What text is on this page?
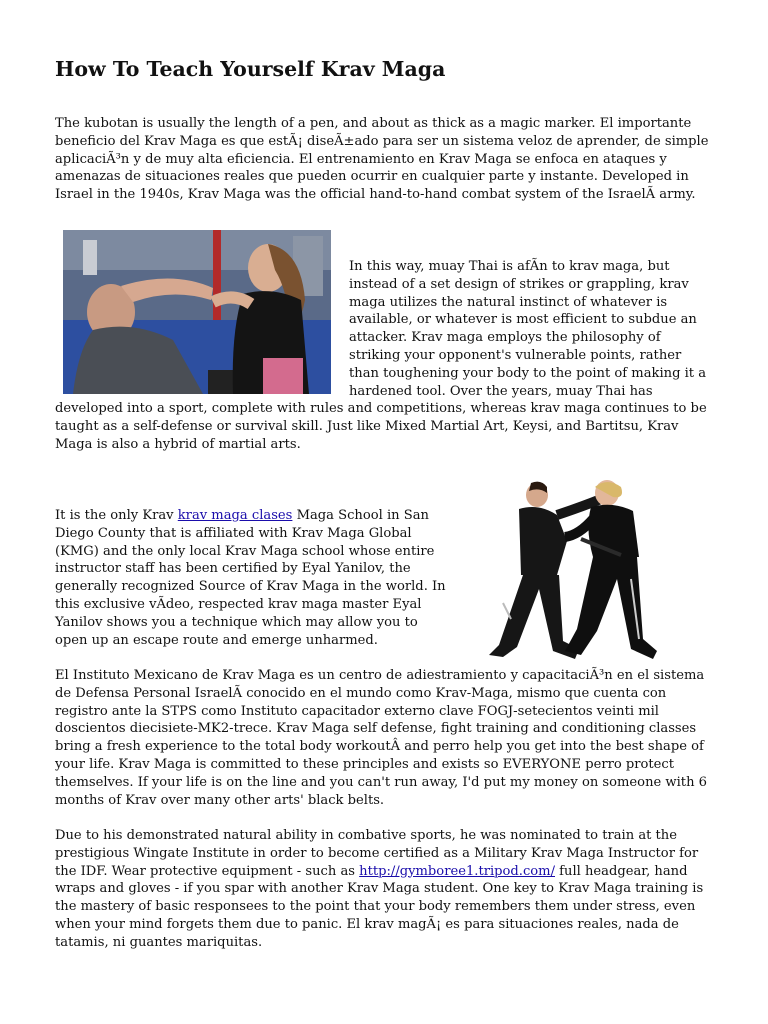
How To Teach Yourself Krav Maga

The kubotan is usually the length of a pen, and about as thick as a magic marker. El importante beneficio del Krav Maga es que estÃ¡ diseÃ±ado para ser un sistema veloz de aprender, de simple aplicaciÃ³n y de muy alta eficiencia. El entrenamiento en Krav Maga se enfoca en ataques y amenazas de situaciones reales que pueden ocurrir en cualquier parte y instante. Developed in Israel in the 1940s, Krav Maga was the official hand-to-hand combat system of the IsraelÃ army.

In this way, muay Thai is afÃn to krav maga, but instead of a set design of strikes or grappling, krav maga utilizes the natural instinct of whatever is available, or whatever is most efficient to subdue an attacker. Krav maga employs the philosophy of striking your opponent's vulnerable points, rather than toughening your body to the point of making it a hardened tool. Over the years, muay Thai has developed into a sport, complete with rules and competitions, whereas krav maga continues to be taught as a self-defense or survival skill. Just like Mixed Martial Art, Keysi, and Bartitsu, Krav Maga is also a hybrid of martial arts.

It is the only Krav krav maga clases Maga School in San Diego County that is affiliated with Krav Maga Global (KMG) and the only local Krav Maga school whose entire instructor staff has been certified by Eyal Yanilov, the generally recognized Source of Krav Maga in the world. In this exclusive vÃdeo, respected krav maga master Eyal Yanilov shows you a technique which may allow you to open up an escape route and emerge unharmed.

El Instituto Mexicano de Krav Maga es un centro de adiestramiento y capacitaciÃ³n en el sistema de Defensa Personal IsraelÃ conocido en el mundo como Krav-Maga, mismo que cuenta con registro ante la STPS como Instituto capacitador externo clave FOGJ-setecientos veinti mil doscientos diecisiete-MK2-trece. Krav Maga self defense, fight training and conditioning classes bring a fresh experience to the total body workoutÂ and perro help you get into the best shape of your life. Krav Maga is committed to these principles and exists so EVERYONE perro protect themselves. If your life is on the line and you can't run away, I'd put my money on someone with 6 months of Krav over many other arts' black belts.

Due to his demonstrated natural ability in combative sports, he was nominated to train at the prestigious Wingate Institute in order to become certified as a Military Krav Maga Instructor for the IDF. Wear protective equipment - such as http://gymboree1.tripod.com/ full headgear, hand wraps and gloves - if you spar with another Krav Maga student. One key to Krav Maga training is the mastery of basic responsees to the point that your body remembers them under stress, even when your mind forgets them due to panic. El krav magÃ¡ es para situaciones reales, nada de tatamis, ni guantes mariquitas.
